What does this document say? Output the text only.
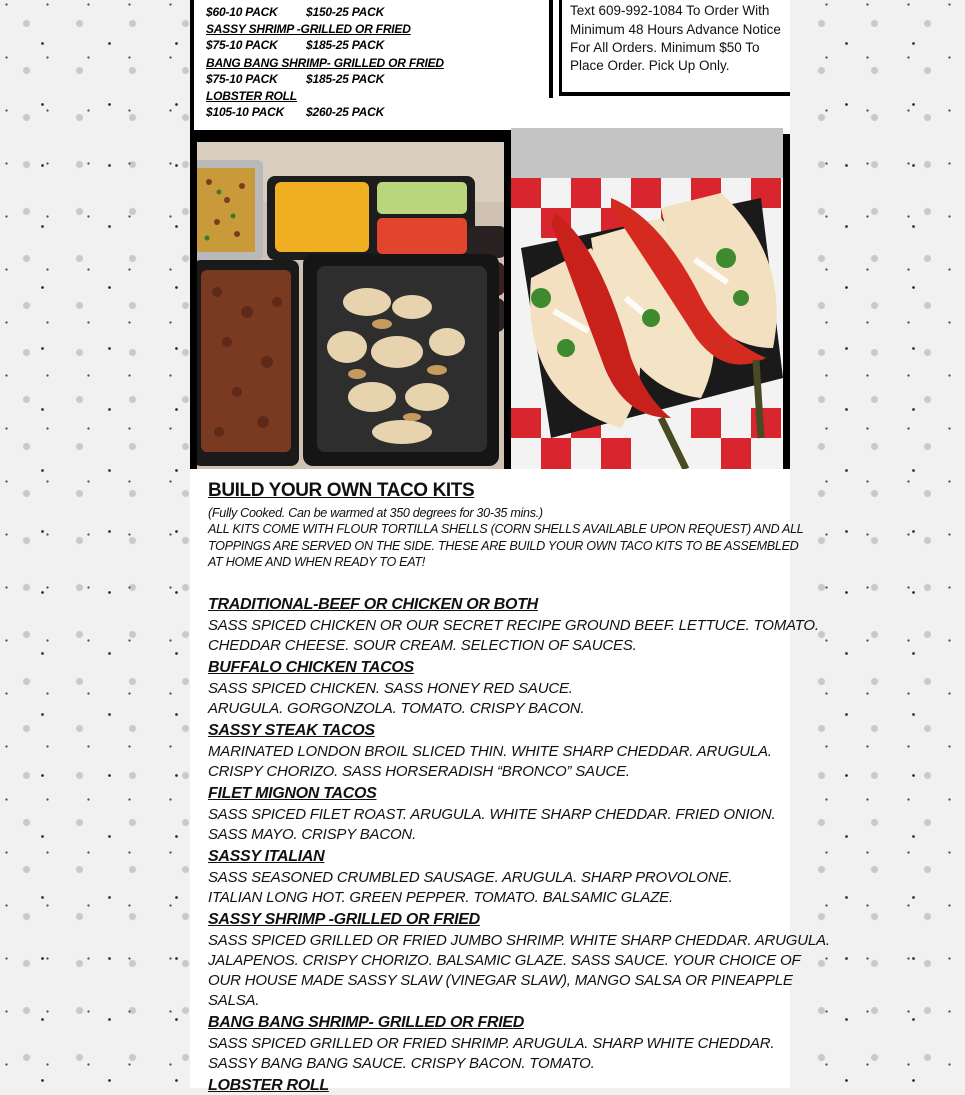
$60-10 PACK $150-25 PACK
SASSY SHRIMP -GRILLED OR FRIED
$75-10 PACK $185-25 PACK
BANG BANG SHRIMP- GRILLED OR FRIED
$75-10 PACK $185-25 PACK
LOBSTER ROLL
$105-10 PACK $260-25 PACK
Text 609-992-1084 To Order With
Minimum 48 Hours Advance Notice
For All Orders. Minimum $50 To
Place Order. Pick Up Only.
BUILD YOUR OWN TACO KITS
(Fully Cooked. Can be warmed at 350 degrees for 30-35 mins.)
ALL KITS COME WITH FLOUR TORTILLA SHELLS (CORN SHELLS AVAILABLE UPON REQUEST) AND ALL
TOPPINGS ARE SERVED ON THE SIDE. THESE ARE BUILD YOUR OWN TACO KITS TO BE ASSEMBLED
AT HOME AND WHEN READY TO EAT!
TRADITIONAL-BEEF OR CHICKEN OR BOTH
SASS SPICED CHICKEN OR OUR SECRET RECIPE GROUND BEEF. LETTUCE. TOMATO.
CHEDDAR CHEESE. SOUR CREAM. SELECTION OF SAUCES.
BUFFALO CHICKEN TACOS
SASS SPICED CHICKEN. SASS HONEY RED SAUCE.
ARUGULA. GORGONZOLA. TOMATO. CRISPY BACON.
SASSY STEAK TACOS
MARINATED LONDON BROIL SLICED THIN. WHITE SHARP CHEDDAR. ARUGULA.
CRISPY CHORIZO. SASS HORSERADISH “BRONCO” SAUCE.
FILET MIGNON TACOS
SASS SPICED FILET ROAST. ARUGULA. WHITE SHARP CHEDDAR. FRIED ONION.
SASS MAYO. CRISPY BACON.
SASSY ITALIAN
SASS SEASONED CRUMBLED SAUSAGE. ARUGULA. SHARP PROVOLONE.
ITALIAN LONG HOT. GREEN PEPPER. TOMATO. BALSAMIC GLAZE.
SASSY SHRIMP -GRILLED OR FRIED
SASS SPICED GRILLED OR FRIED JUMBO SHRIMP. WHITE SHARP CHEDDAR. ARUGULA.
JALAPENOS. CRISPY CHORIZO. BALSAMIC GLAZE. SASS SAUCE. YOUR CHOICE OF
OUR HOUSE MADE SASSY SLAW (VINEGAR SLAW), MANGO SALSA OR PINEAPPLE
SALSA.
BANG BANG SHRIMP- GRILLED OR FRIED
SASS SPICED GRILLED OR FRIED SHRIMP. ARUGULA. SHARP WHITE CHEDDAR.
SASSY BANG BANG SAUCE. CRISPY BACON. TOMATO.
LOBSTER ROLL
